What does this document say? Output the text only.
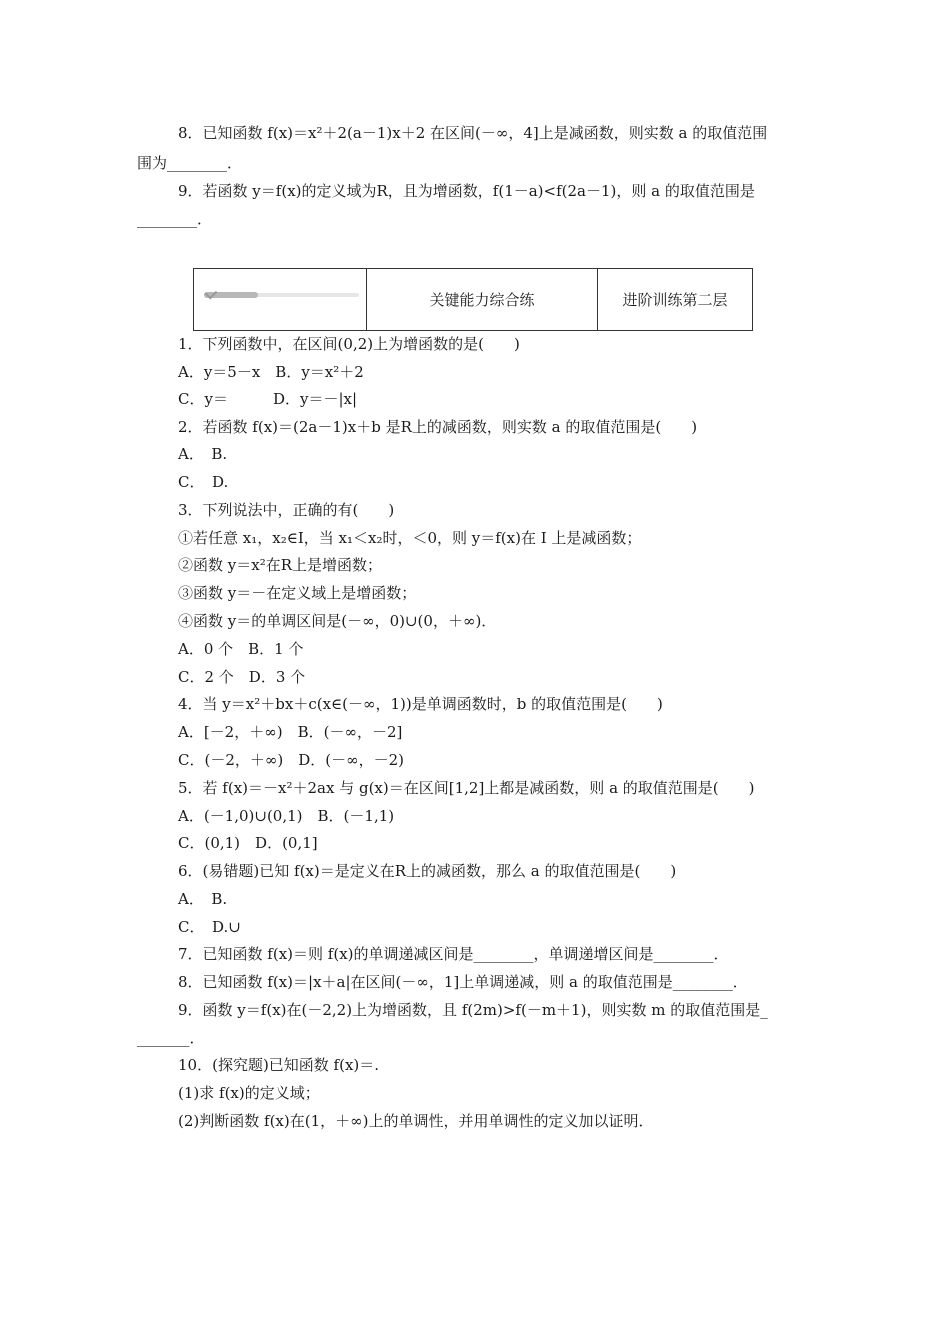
8．已知函数 f(x)＝x²＋2(a－1)x＋2 在区间(－∞，4]上是减函数，则实数 a 的取值范围
围为________．
9．若函数 y＝f(x)的定义域为R，且为增函数，f(1－a)<f(2a－1)，则 a 的取值范围是
________．
关键能力综合练	进阶训练第二层
1．下列函数中，在区间(0,2)上为增函数的是(　　)
A．y＝5－x　B．y＝x²＋2
C．y＝　　　D．y＝－|x|
2．若函数 f(x)＝(2a－1)x＋b 是R上的减函数，则实数 a 的取值范围是(　　)
A．　B.
C．　D.
3．下列说法中，正确的有(　　)
①若任意 x₁，x₂∈I，当 x₁＜x₂时，＜0，则 y＝f(x)在 I 上是减函数；
②函数 y＝x²在R上是增函数；
③函数 y＝－在定义域上是增函数；
④函数 y＝的单调区间是(－∞，0)∪(0，＋∞)．
A．0 个　B．1 个
C．2 个　D．3 个
4．当 y＝x²＋bx＋c(x∈(－∞，1))是单调函数时，b 的取值范围是(　　)
A．[－2，＋∞)　B．(－∞，－2]
C．(－2，＋∞)　D．(－∞，－2)
5．若 f(x)＝－x²＋2ax 与 g(x)＝在区间[1,2]上都是减函数，则 a 的取值范围是(　　)
A．(－1,0)∪(0,1)　B．(－1,1)
C．(0,1)　D．(0,1]
6．(易错题)已知 f(x)＝是定义在R上的减函数，那么 a 的取值范围是(　　)
A．　B.
C．　D.∪
7．已知函数 f(x)＝则 f(x)的单调递减区间是________，单调递增区间是________．
8．已知函数 f(x)＝|x＋a|在区间(－∞，1]上单调递减，则 a 的取值范围是________．
9．函数 y＝f(x)在(－2,2)上为增函数，且 f(2m)>f(－m＋1)，则实数 m 的取值范围是_
_______．
10．(探究题)已知函数 f(x)＝.
(1)求 f(x)的定义域；
(2)判断函数 f(x)在(1，＋∞)上的单调性，并用单调性的定义加以证明．
